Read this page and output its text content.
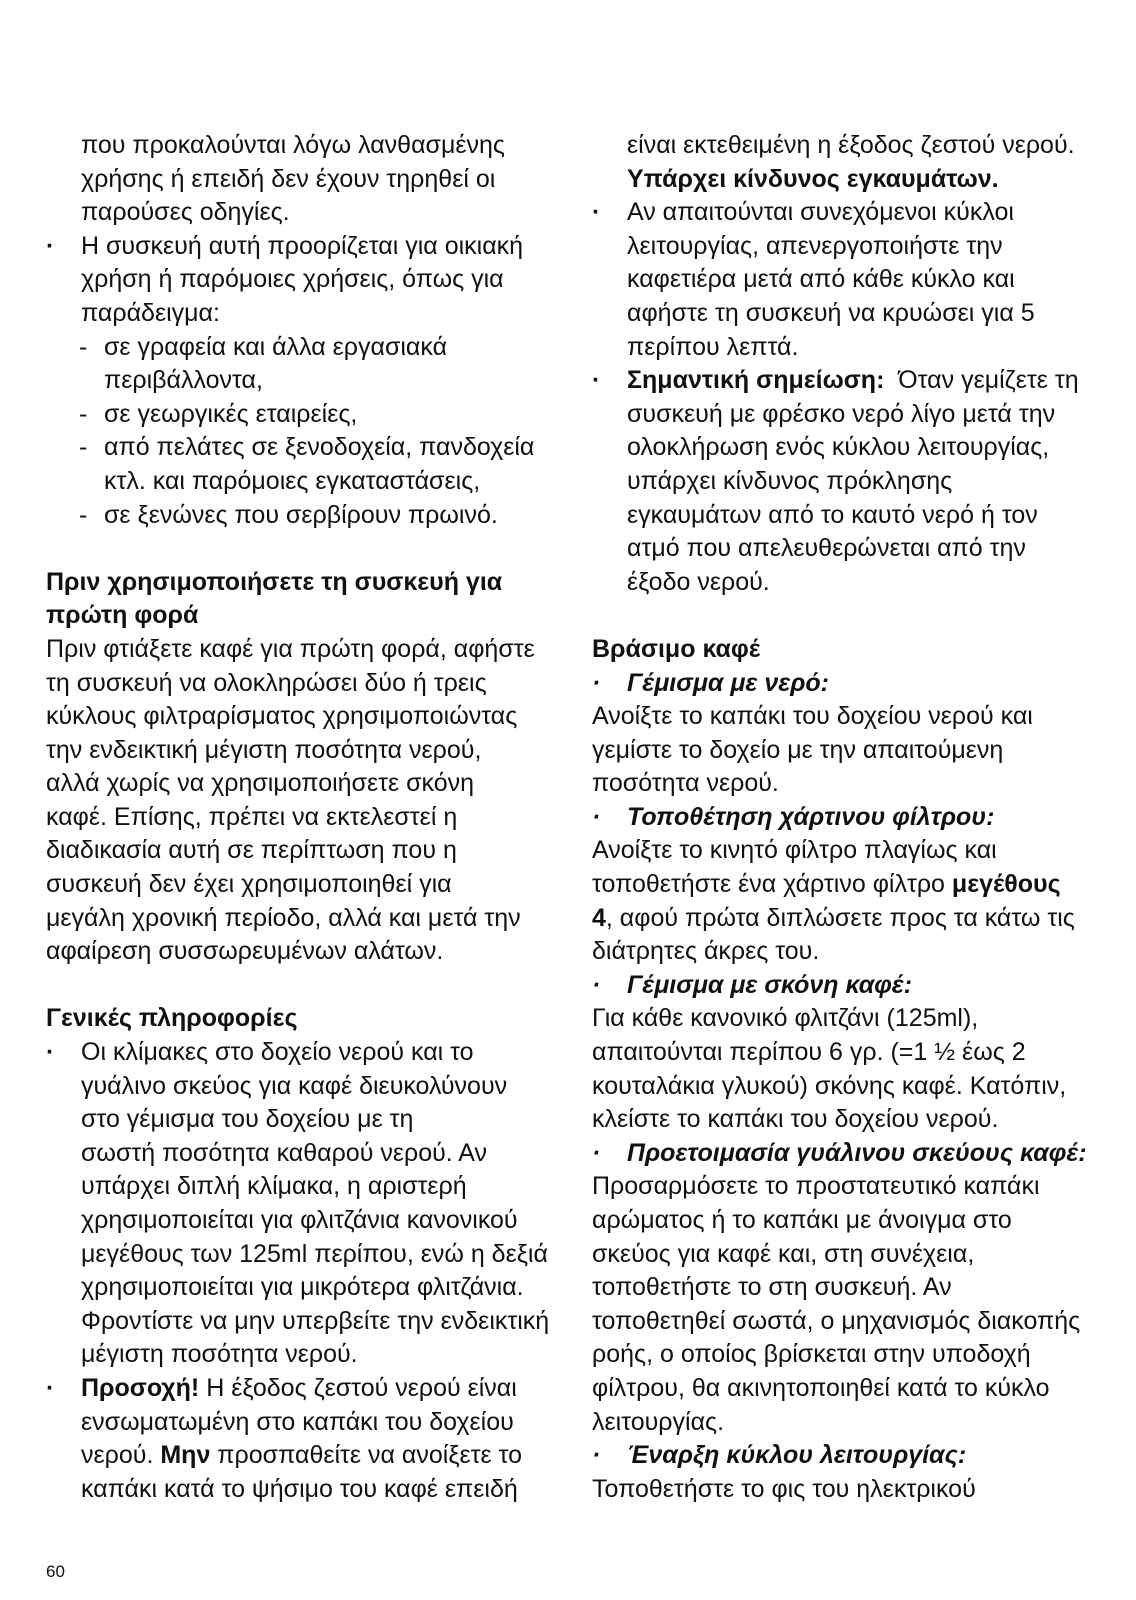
που προκαλούνται λόγω λανθασμένης
χρήσης ή επειδή δεν έχουν τηρηθεί οι
παρούσες οδηγίες.
· Η συσκευή αυτή προορίζεται για οικιακή
χρήση ή παρόμοιες χρήσεις, όπως για
παράδειγμα:
- σε γραφεία και άλλα εργασιακά
περιβάλλοντα,
- σε γεωργικές εταιρείες,
- από πελάτες σε ξενοδοχεία, πανδοχεία
κτλ. και παρόμοιες εγκαταστάσεις,
- σε ξενώνες που σερβίρουν πρωινό.
Πριν χρησιμοποιήσετε τη συσκευή για
πρώτη φορά
Πριν φτιάξετε καφέ για πρώτη φορά, αφήστε
τη συσκευή να ολοκληρώσει δύο ή τρεις
κύκλους φιλτραρίσματος χρησιμοποιώντας
την ενδεικτική μέγιστη ποσότητα νερού,
αλλά χωρίς να χρησιμοποιήσετε σκόνη
καφέ. Επίσης, πρέπει να εκτελεστεί η
διαδικασία αυτή σε περίπτωση που η
συσκευή δεν έχει χρησιμοποιηθεί για
μεγάλη χρονική περίοδο, αλλά και μετά την
αφαίρεση συσσωρευμένων αλάτων.
Γενικές πληροφορίες
· Οι κλίμακες στο δοχείο νερού και το
γυάλινο σκεύος για καφέ διευκολύνουν
στο γέμισμα του δοχείου με τη
σωστή ποσότητα καθαρού νερού. Αν
υπάρχει διπλή κλίμακα, η αριστερή
χρησιμοποιείται για φλιτζάνια κανονικού
μεγέθους των 125ml περίπου, ενώ η δεξιά
χρησιμοποιείται για μικρότερα φλιτζάνια.
Φροντίστε να μην υπερβείτε την ενδεικτική
μέγιστη ποσότητα νερού.
· Προσοχή! Η έξοδος ζεστού νερού είναι
ενσωματωμένη στο καπάκι του δοχείου
νερού. Μην προσπαθείτε να ανοίξετε το
καπάκι κατά το ψήσιμο του καφέ επειδή
είναι εκτεθειμένη η έξοδος ζεστού νερού.
Υπάρχει κίνδυνος εγκαυμάτων.
· Αν απαιτούνται συνεχόμενοι κύκλοι
λειτουργίας, απενεργοποιήστε την
καφετιέρα μετά από κάθε κύκλο και
αφήστε τη συσκευή να κρυώσει για 5
περίπου λεπτά.
· Σημαντική σημείωση:  Όταν γεμίζετε τη
συσκευή με φρέσκο νερό λίγο μετά την
ολοκλήρωση ενός κύκλου λειτουργίας,
υπάρχει κίνδυνος πρόκλησης
εγκαυμάτων από το καυτό νερό ή τον
ατμό που απελευθερώνεται από την
έξοδο νερού.
Βράσιμο καφέ
· Γέμισμα με νερό:
Ανοίξτε το καπάκι του δοχείου νερού και
γεμίστε το δοχείο με την απαιτούμενη
ποσότητα νερού.
· Τοποθέτηση χάρτινου φίλτρου:
Ανοίξτε το κινητό φίλτρο πλαγίως και
τοποθετήστε ένα χάρτινο φίλτρο μεγέθους
4, αφού πρώτα διπλώσετε προς τα κάτω τις
διάτρητες άκρες του.
· Γέμισμα με σκόνη καφέ:
Για κάθε κανονικό φλιτζάνι (125ml),
απαιτούνται περίπου 6 γρ. (=1 ½ έως 2
κουταλάκια γλυκού) σκόνης καφέ. Κατόπιν,
κλείστε το καπάκι του δοχείου νερού.
· Προετοιμασία γυάλινου σκεύους καφέ:
Προσαρμόσετε το προστατευτικό καπάκι
αρώματος ή το καπάκι με άνοιγμα στο
σκεύος για καφέ και, στη συνέχεια,
τοποθετήστε το στη συσκευή. Αν
τοποθετηθεί σωστά, ο μηχανισμός διακοπής
ροής, ο οποίος βρίσκεται στην υποδοχή
φίλτρου, θα ακινητοποιηθεί κατά το κύκλο
λειτουργίας.
· Έναρξη κύκλου λειτουργίας:
Τοποθετήστε το φις του ηλεκτρικού
60
